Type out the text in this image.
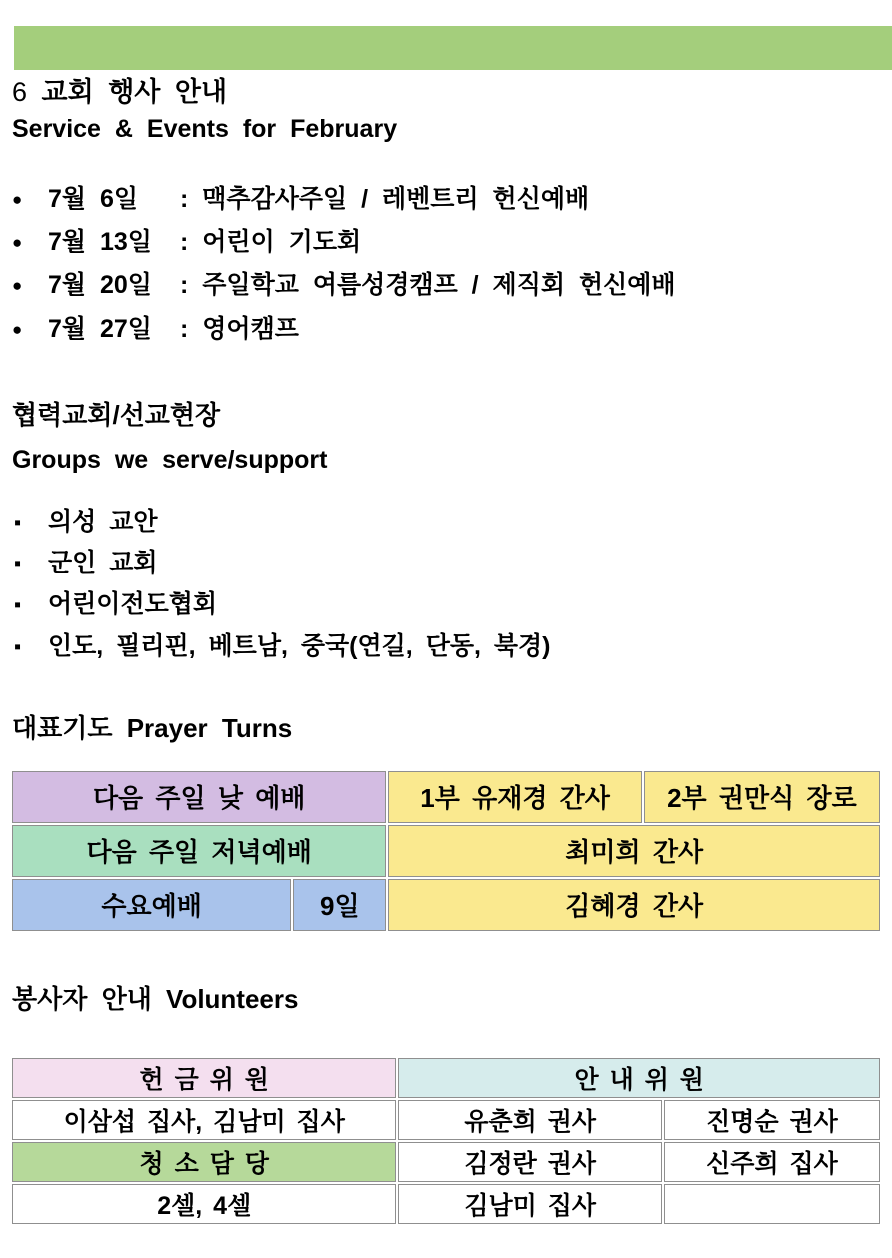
6 교회 행사 안내
Service & Events for February
● 7월 6일 : 맥추감사주일 / 레벤트리 헌신예배
● 7월 13일 : 어린이 기도회
● 7월 20일 : 주일학교 여름성경캠프 / 제직회 헌신예배
● 7월 27일 : 영어캠프
협력교회/선교현장
Groups we serve/support
▪ 의성 교안
▪ 군인 교회
▪ 어린이전도협회
▪ 인도, 필리핀, 베트남, 중국(연길, 단동, 북경)
대표기도 Prayer Turns
다음 주일 낮 예배		1부 유재경 간사	2부 권만식 장로
다음 주일 저녁예배		최미희 간사	
수요예배	9일	김혜경 간사	
봉사자 안내 Volunteers
헌 금 위 원	안 내 위 원	
이삼섭 집사, 김남미 집사	유춘희 권사	진명순 권사
청 소 담 당	김정란 권사	신주희 집사
2셀, 4셀	김남미 집사	
